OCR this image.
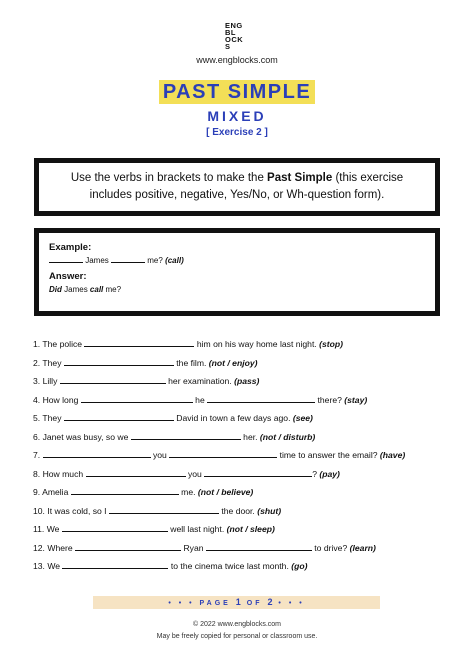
ENG
BL
OCK
S
www.engblocks.com
PAST SIMPLE
MIXED
[ Exercise 2 ]
Use the verbs in brackets to make the Past Simple (this exercise includes positive, negative, Yes/No, or Wh-question form).
Example:
James	me? (call)
Answer:
Did James call me?
1. The police	him on his way home last night. (stop)
2. They	the film. (not / enjoy)
3. Lilly	her examination. (pass)
4. How long	he	there? (stay)
5. They	David in town a few days ago. (see)
6. Janet was busy, so we	her. (not / disturb)
7.	you	time to answer the email? (have)
8. How much	you	? (pay)
9. Amelia	me. (not / believe)
10. It was cold, so I	the door. (shut)
11. We	well last night. (not / sleep)
12. Where	Ryan	to drive? (learn)
13. We	to the cinema twice last month. (go)
• • • PAGE 1 OF 2 • • •
© 2022 www.engblocks.com
May be freely copied for personal or classroom use.
